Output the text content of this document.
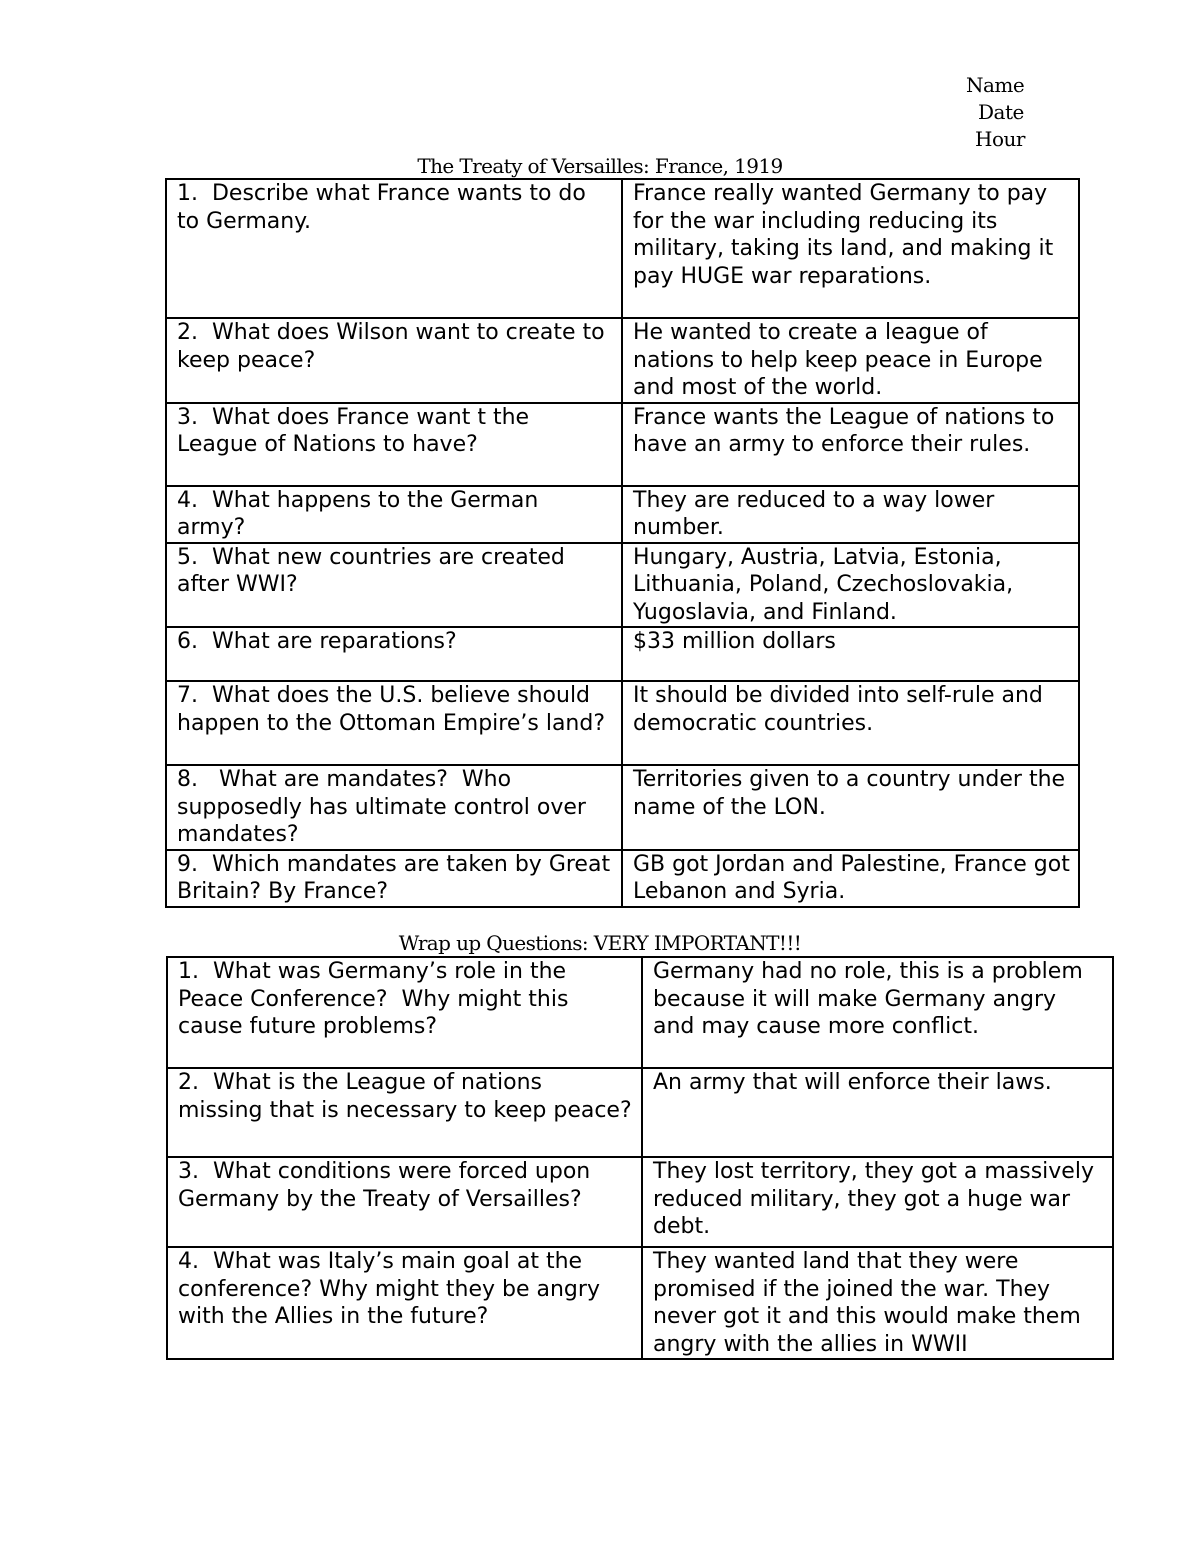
Name
Date
Hour
The Treaty of Versailles: France, 1919
1.  Describe what France wants to do to Germany.	France really wanted Germany to pay for the war including reducing its military, taking its land, and making it pay HUGE war reparations.
2.  What does Wilson want to create to keep peace?	He wanted to create a league of nations to help keep peace in Europe and most of the world.
3.  What does France want t the League of Nations to have?	France wants the League of nations to have an army to enforce their rules.
4.  What happens to the German army?	They are reduced to a way lower number.
5.  What new countries are created after WWI?	Hungary, Austria, Latvia, Estonia, Lithuania, Poland, Czechoslovakia, Yugoslavia, and Finland.
6.  What are reparations?	$33 million dollars
7.  What does the U.S. believe should happen to the Ottoman Empire’s land?	It should be divided into self-rule and democratic countries.
8.   What are mandates?  Who supposedly has ultimate control over mandates?	Territories given to a country under the name of the LON.
9.  Which mandates are taken by Great Britain? By France?	GB got Jordan and Palestine, France got Lebanon and Syria.
Wrap up Questions: VERY IMPORTANT!!!
1.  What was Germany’s role in the Peace Conference?  Why might this cause future problems?	Germany had no role, this is a problem because it will make Germany angry and may cause more conflict.
2.  What is the League of nations missing that is necessary to keep peace?	An army that will enforce their laws.
3.  What conditions were forced upon Germany by the Treaty of Versailles?	They lost territory, they got a massively reduced military, they got a huge war debt.
4.  What was Italy’s main goal at the conference? Why might they be angry with the Allies in the future?	They wanted land that they were promised if the joined the war. They never got it and this would make them angry with the allies in WWII
